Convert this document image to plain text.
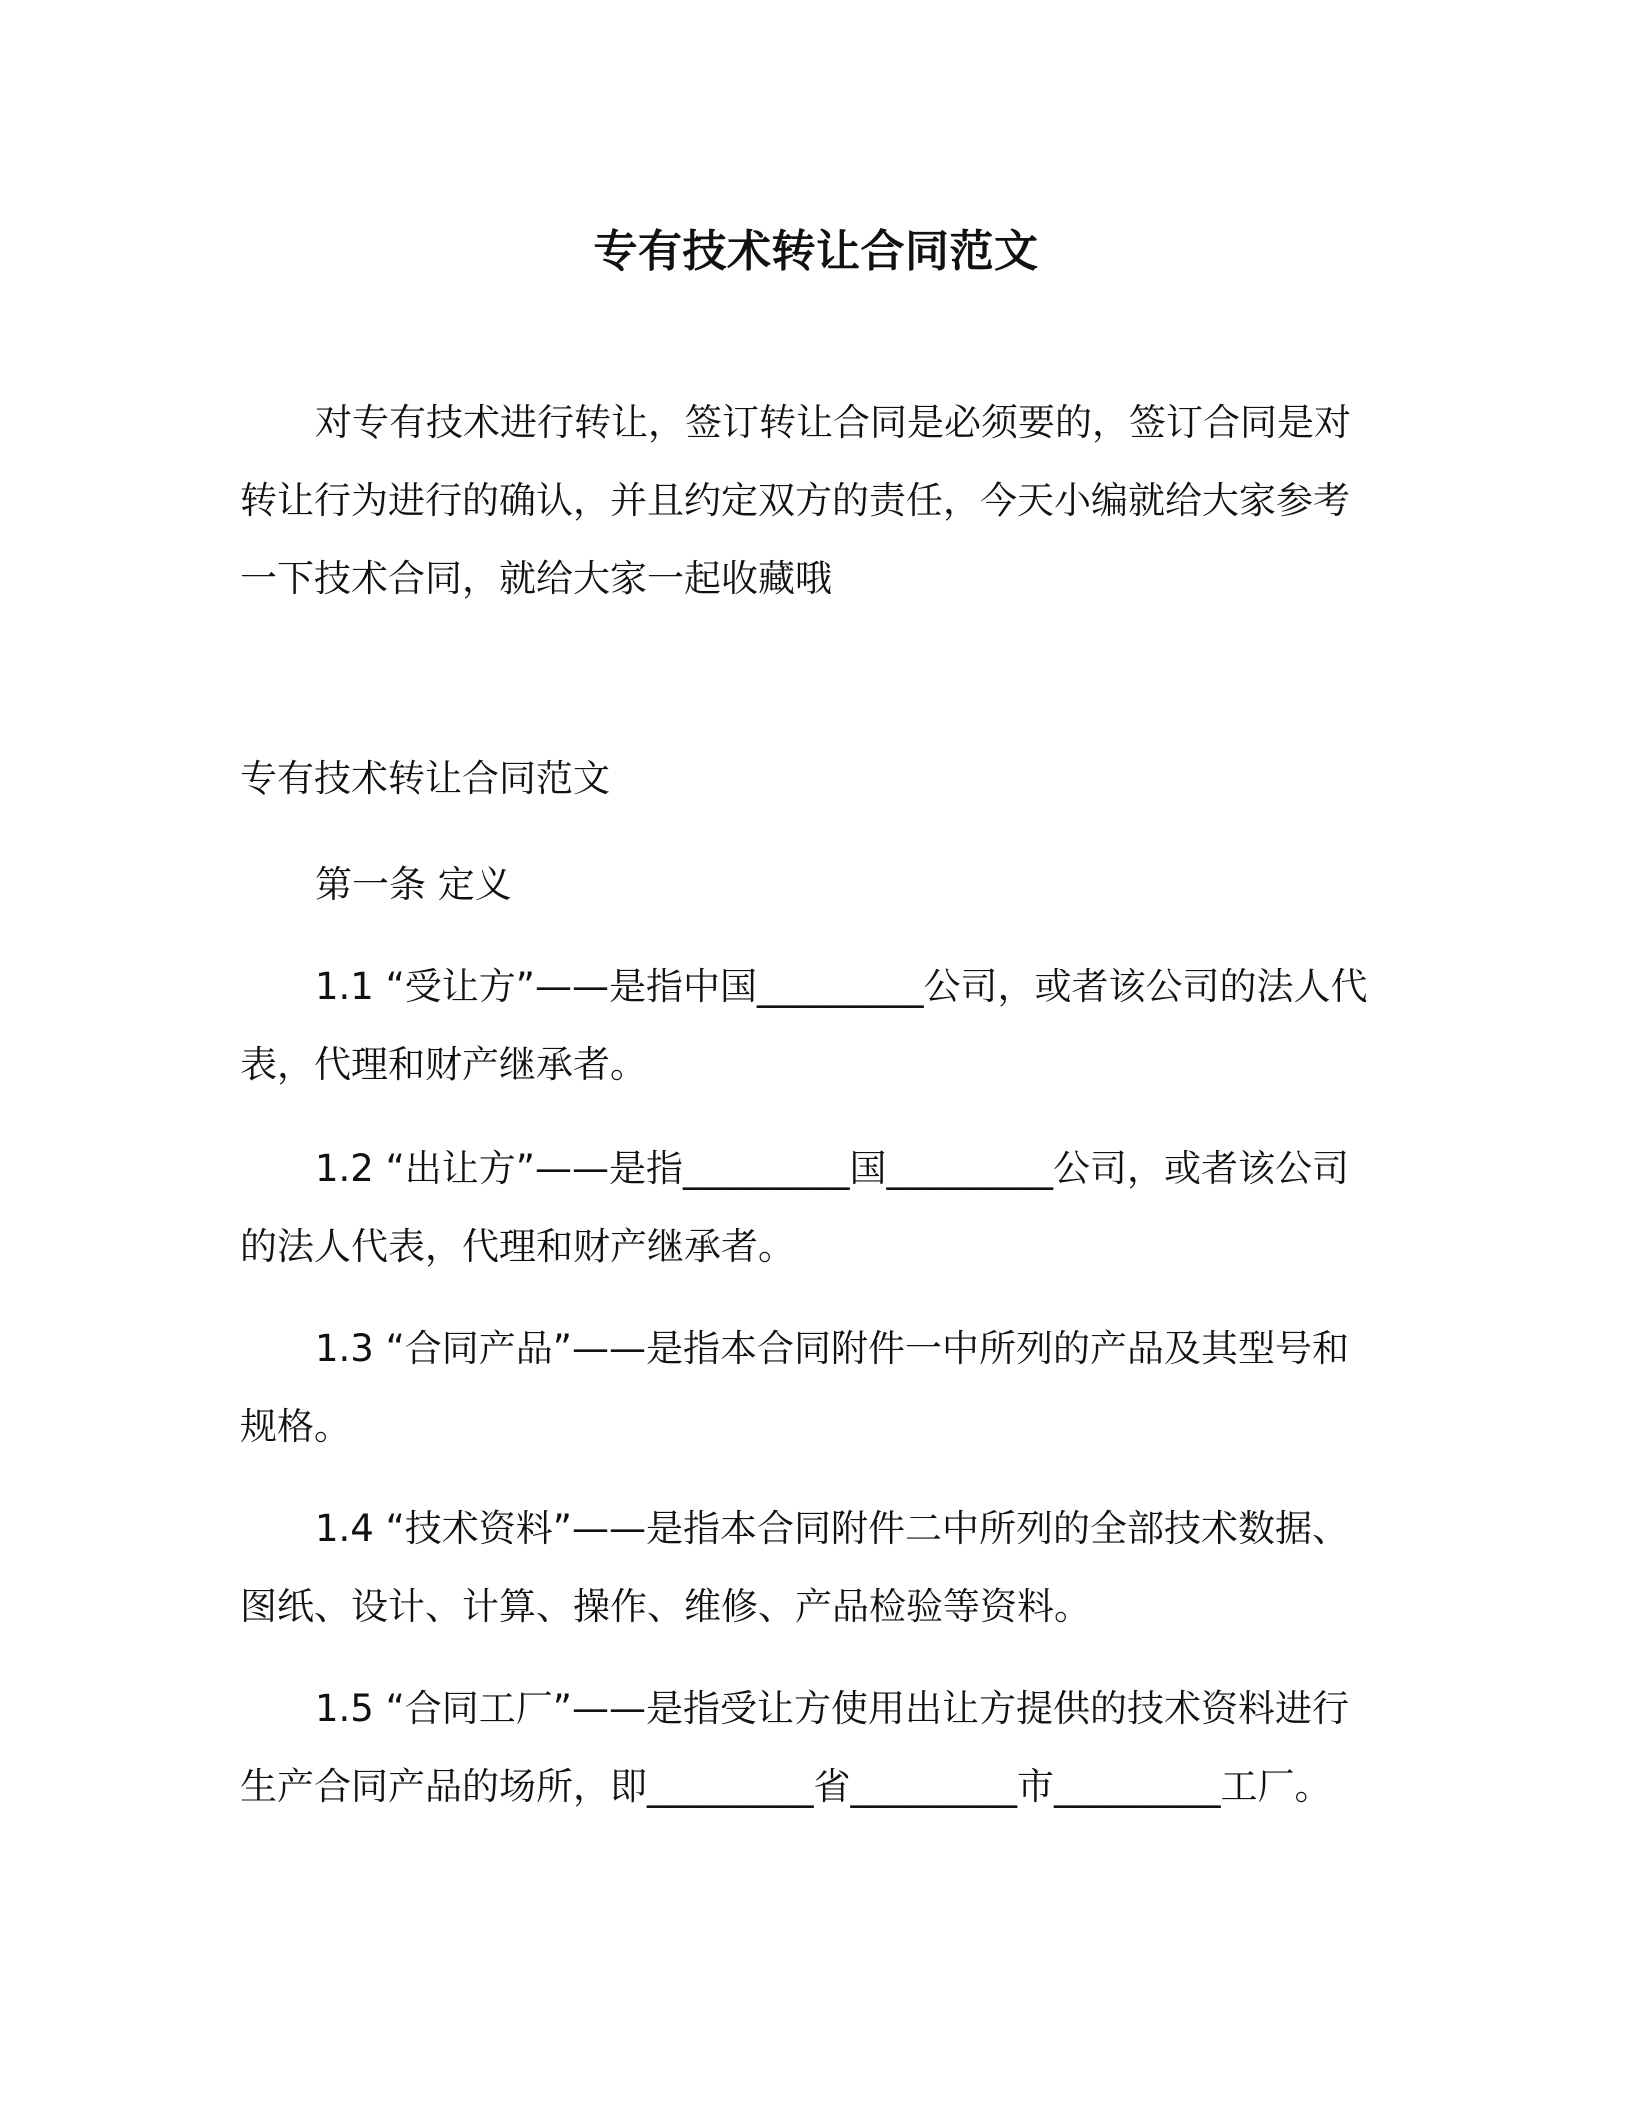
专有技术转让合同范文
对专有技术进行转让，签订转让合同是必须要的，签订合同是对转让行为进行的确认，并且约定双方的责任，今天小编就给大家参考一下技术合同，就给大家一起收藏哦
专有技术转让合同范文
第一条 定义
1.1 “受让方”——是指中国_________公司，或者该公司的法人代表，代理和财产继承者。
1.2 “出让方”——是指_________国_________公司，或者该公司的法人代表，代理和财产继承者。
1.3 “合同产品”——是指本合同附件一中所列的产品及其型号和规格。
1.4 “技术资料”——是指本合同附件二中所列的全部技术数据、图纸、设计、计算、操作、维修、产品检验等资料。
1.5 “合同工厂”——是指受让方使用出让方提供的技术资料进行生产合同产品的场所，即_________省_________市_________工厂。
